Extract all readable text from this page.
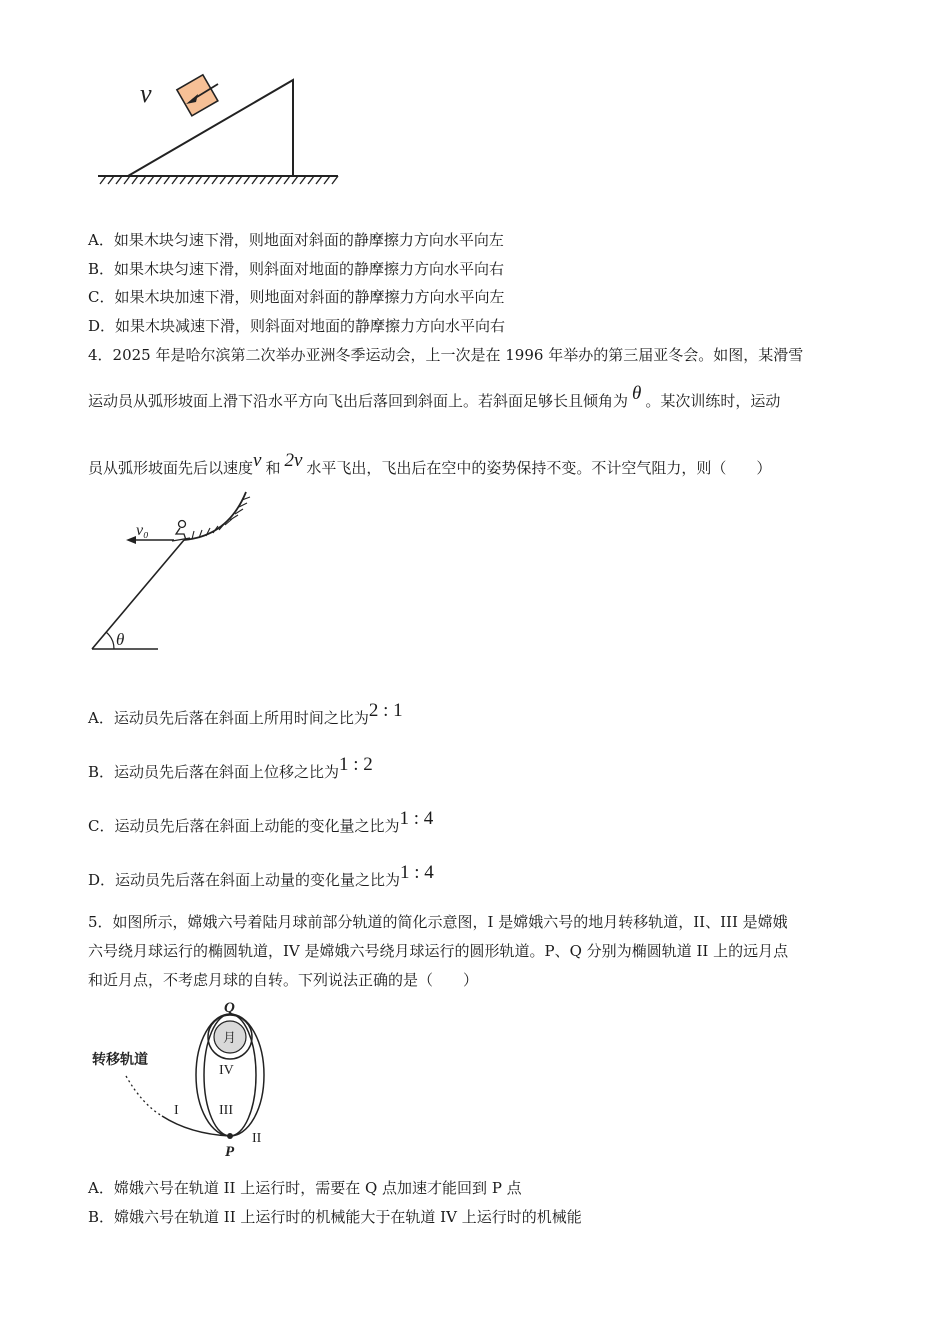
v
A．如果木块匀速下滑，则地面对斜面的静摩擦力方向水平向左
B．如果木块匀速下滑，则斜面对地面的静摩擦力方向水平向右
C．如果木块加速下滑，则地面对斜面的静摩擦力方向水平向左
D．如果木块减速下滑，则斜面对地面的静摩擦力方向水平向右
4．2025 年是哈尔滨第二次举办亚洲冬季运动会，上一次是在 1996 年举办的第三届亚冬会。如图，某滑雪
运动员从弧形坡面上滑下沿水平方向飞出后落回到斜面上。若斜面足够长且倾角为 θ 。某次训练时，运动
员从弧形坡面先后以速度v 和 2v 水平飞出，飞出后在空中的姿势保持不变。不计空气阻力，则（　　）
θ
v₀
A．运动员先后落在斜面上所用时间之比为2 : 1
B．运动员先后落在斜面上位移之比为1 : 2
C．运动员先后落在斜面上动能的变化量之比为1 : 4
D．运动员先后落在斜面上动量的变化量之比为1 : 4
5．如图所示，嫦娥六号着陆月球前部分轨道的简化示意图，I 是嫦娥六号的地月转移轨道，II、III 是嫦娥
六号绕月球运行的椭圆轨道，IV 是嫦娥六号绕月球运行的圆形轨道。P、Q 分别为椭圆轨道 II 上的远月点
和近月点，不考虑月球的自转。下列说法正确的是（　　）
转移轨道
I
月
Q
IV
III
II
P
A．嫦娥六号在轨道 II 上运行时，需要在 Q 点加速才能回到 P 点
B．嫦娥六号在轨道 II 上运行时的机械能大于在轨道 IV 上运行时的机械能
